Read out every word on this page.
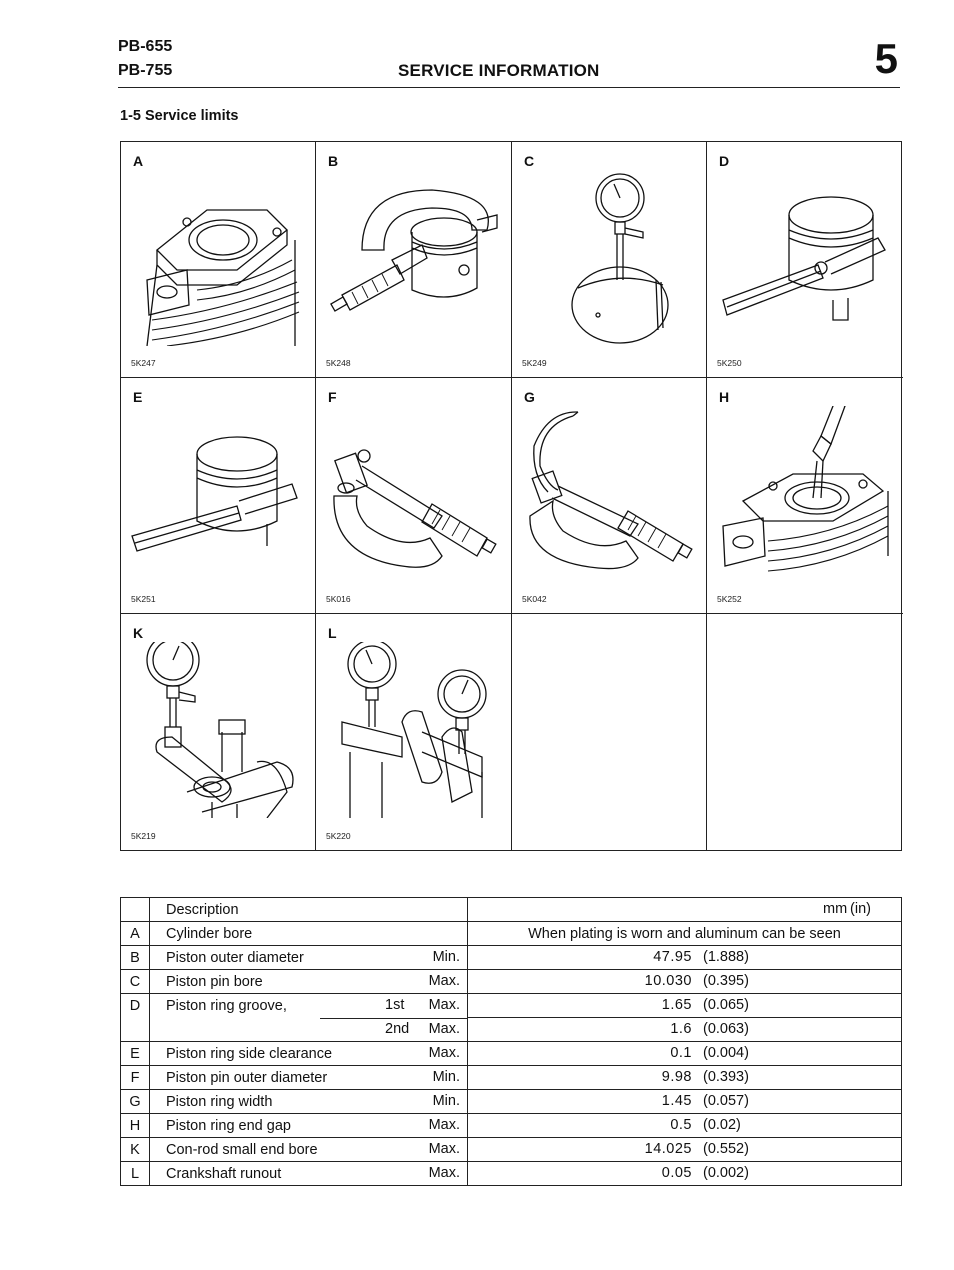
PB-655
PB-755	SERVICE INFORMATION	5
1-5 Service limits
A
5K247
B
5K248
C
5K249
D
5K250
E
5K251
F
5K016
G
5K042
H
5K252
K
5K219
L
5K220
	Description	mm (in)

A	Cylinder bore	When plating is worn and aluminum can be seen

B	Piston outer diameter Min.	47.95 (1.888)

C	Piston pin bore Max.	10.030 (0.395)

D	Piston ring groove, 1st Max.	1.65 (0.065)

	2nd Max.	1.6 (0.063)

E	Piston ring side clearance Max.	0.1 (0.004)

F	Piston pin outer diameter Min.	9.98 (0.393)

G	Piston ring width Min.	1.45 (0.057)

H	Piston ring end gap Max.	0.5 (0.02)

K	Con-rod small end bore Max.	14.025 (0.552)

L	Crankshaft runout Max.	0.05 (0.002)
